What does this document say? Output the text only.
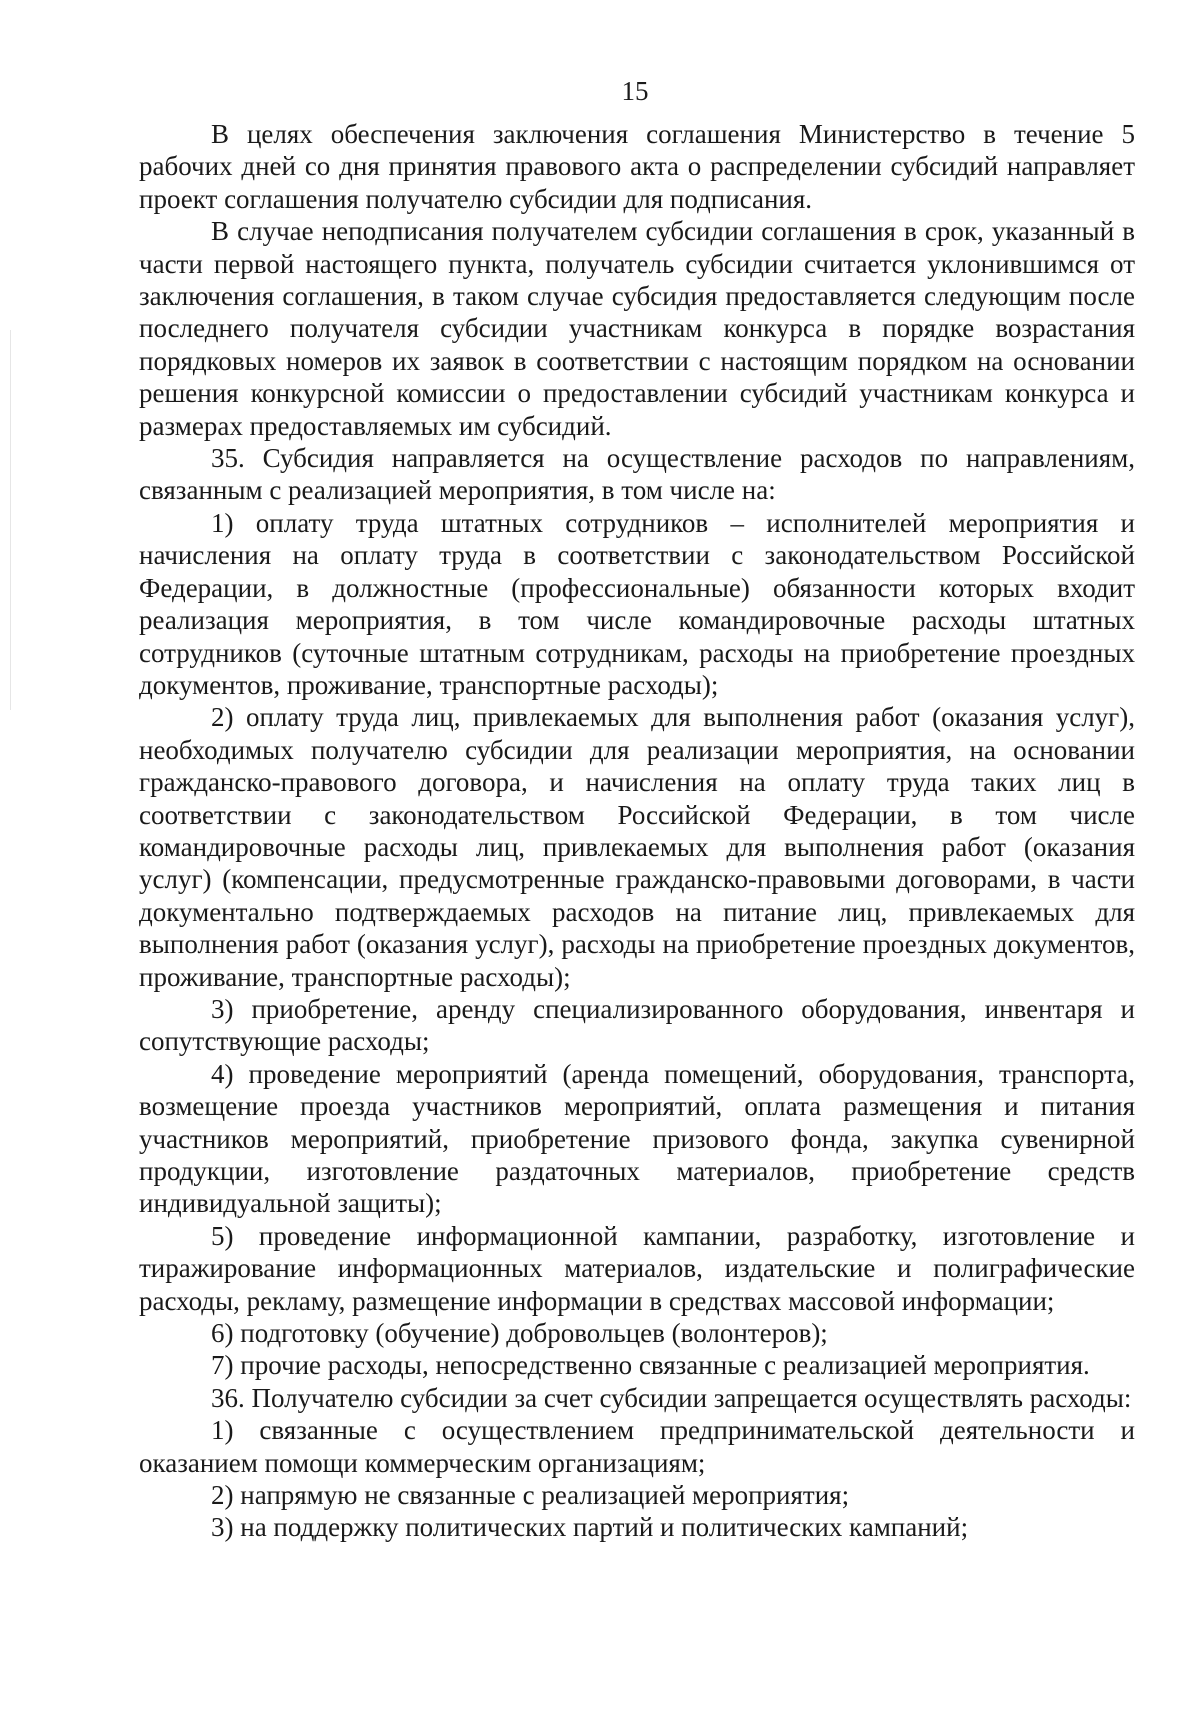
15

В целях обеспечения заключения соглашения Министерство в течение 5 рабочих дней со дня принятия правового акта о распределении субсидий направляет проект соглашения получателю субсидии для подписания.

В случае неподписания получателем субсидии соглашения в срок, указанный в части первой настоящего пункта, получатель субсидии считается уклонившимся от заключения соглашения, в таком случае субсидия предоставляется следующим после последнего получателя субсидии участникам конкурса в порядке возрастания порядковых номеров их заявок в соответствии с настоящим порядком на основании решения конкурсной комиссии о предоставлении субсидий участникам конкурса и размерах предоставляемых им субсидий.

35. Субсидия направляется на осуществление расходов по направлениям, связанным с реализацией мероприятия, в том числе на:

1) оплату труда штатных сотрудников – исполнителей мероприятия и начисления на оплату труда в соответствии с законодательством Российской Федерации, в должностные (профессиональные) обязанности которых входит реализация мероприятия, в том числе командировочные расходы штатных сотрудников (суточные штатным сотрудникам, расходы на приобретение проездных документов, проживание, транспортные расходы);

2) оплату труда лиц, привлекаемых для выполнения работ (оказания услуг), необходимых получателю субсидии для реализации мероприятия, на основании гражданско-правового договора, и начисления на оплату труда таких лиц в соответствии с законодательством Российской Федерации, в том числе командировочные расходы лиц, привлекаемых для выполнения работ (оказания услуг) (компенсации, предусмотренные гражданско-правовыми договорами, в части документально подтверждаемых расходов на питание лиц, привлекаемых для выполнения работ (оказания услуг), расходы на приобретение проездных документов, проживание, транспортные расходы);

3) приобретение, аренду специализированного оборудования, инвентаря и сопутствующие расходы;

4) проведение мероприятий (аренда помещений, оборудования, транспорта, возмещение проезда участников мероприятий, оплата размещения и питания участников мероприятий, приобретение призового фонда, закупка сувенирной продукции, изготовление раздаточных материалов, приобретение средств индивидуальной защиты);

5) проведение информационной кампании, разработку, изготовление и тиражирование информационных материалов, издательские и полиграфические расходы, рекламу, размещение информации в средствах массовой информации;

6) подготовку (обучение) добровольцев (волонтеров);

7) прочие расходы, непосредственно связанные с реализацией мероприятия.

36. Получателю субсидии за счет субсидии запрещается осуществлять расходы:

1) связанные с осуществлением предпринимательской деятельности и оказанием помощи коммерческим организациям;

2) напрямую не связанные с реализацией мероприятия;

3) на поддержку политических партий и политических кампаний;
